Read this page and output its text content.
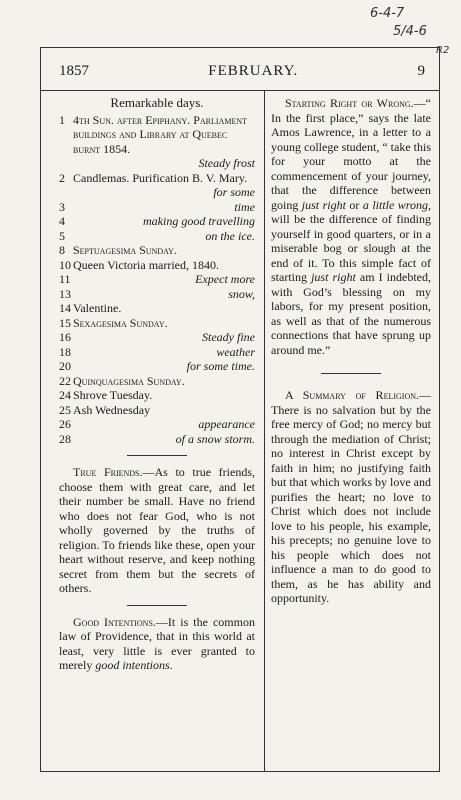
6-4-7
5/4-6
R2
1857	FEBRUARY.	9
Remarkable days.
1 4th Sun. after Epiphany. Parliament buildings and Library at Quebec burnt 1854.
Steady frost
2 Candlemas. Purification B. V. Mary.
for some
3	time
4	making good travelling
5	on the ice.
8 Septuagesima Sunday.
10 Queen Victoria married, 1840.
11	Expect more
13	snow,
14 Valentine.
15 Sexagesima Sunday.
16	Steady fine
18	weather
20	for some time.
22 Quinquagesima Sunday.
24 Shrove Tuesday.
25 Ash Wednesday
26	appearance
28	of a snow storm.

True Friends.—As to true friends, choose them with great care, and let their number be small. Have no friend who does not fear God, who is not wholly governed by the truths of religion. To friends like these, open your heart without reserve, and keep nothing secret from them but the secrets of others.

Good Intentions.—It is the common law of Providence, that in this world at least, very little is ever granted to merely good intentions.

Starting Right or Wrong.—“ In the first place,” says the late Amos Lawrence, in a letter to a young college student, “ take this for your motto at the commencement of your journey, that the difference between going just right or a little wrong, will be the difference of finding yourself in good quarters, or in a miserable bog or slough at the end of it. To this simple fact of starting just right am I indebted, with God’s blessing on my labors, for my present position, as well as that of the numerous connections that have sprung up around me.”

A Summary of Religion.—There is no salvation but by the free mercy of God; no mercy but through the mediation of Christ; no interest in Christ except by faith in him; no justifying faith but that which works by love and purifies the heart; no love to Christ which does not include love to his people, his example, his precepts; no genuine love to his people which does not influence a man to do good to them, as he has ability and opportunity.
